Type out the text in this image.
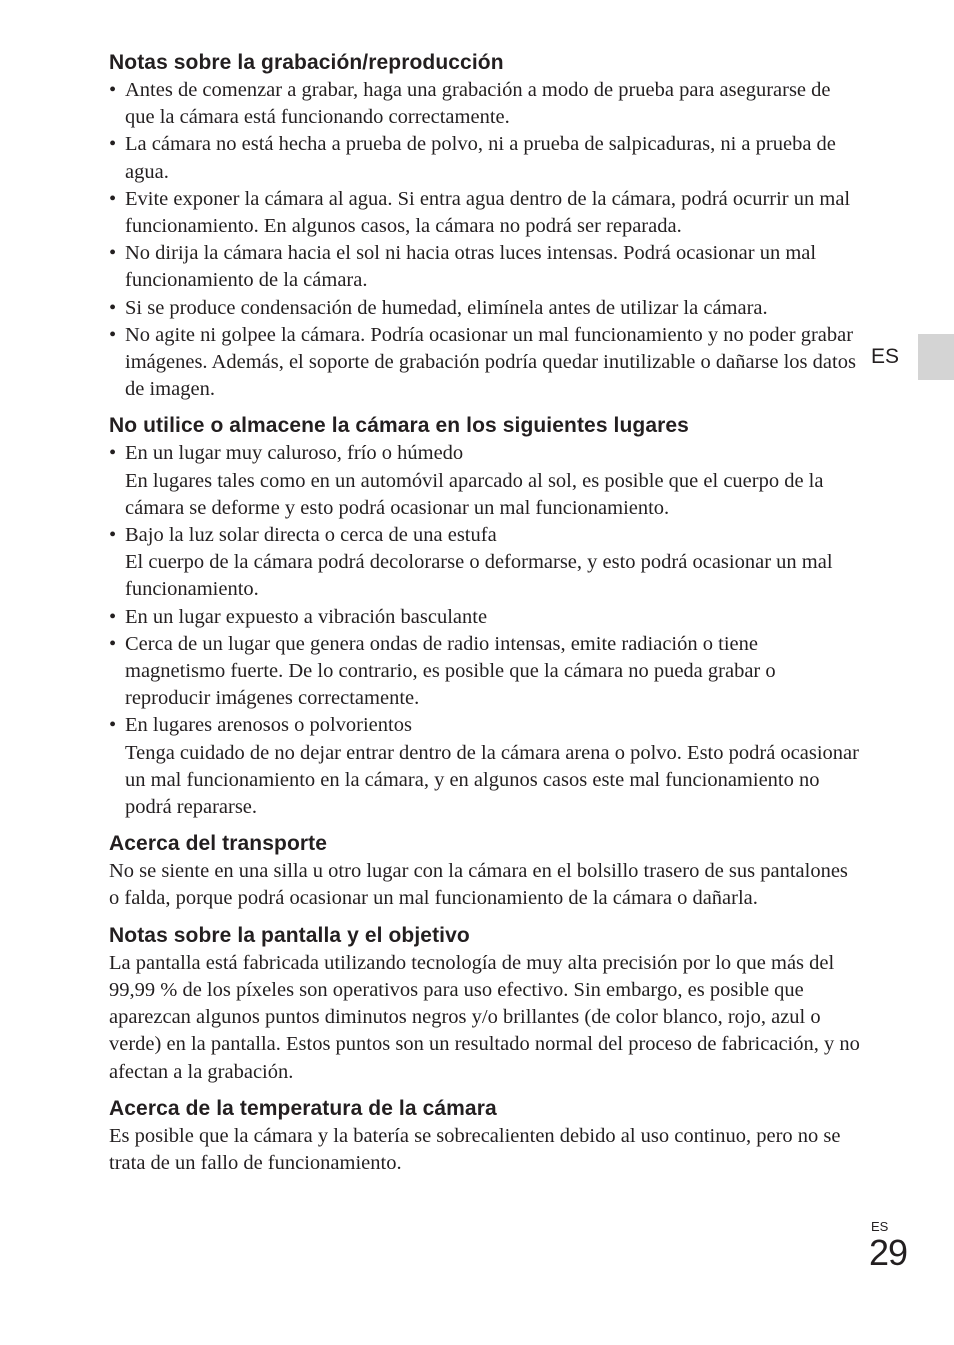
Notas sobre la grabación/reproducción
• Antes de comenzar a grabar, haga una grabación a modo de prueba para asegurarse de que la cámara está funcionando correctamente.
• La cámara no está hecha a prueba de polvo, ni a prueba de salpicaduras, ni a prueba de agua.
• Evite exponer la cámara al agua. Si entra agua dentro de la cámara, podrá ocurrir un mal funcionamiento. En algunos casos, la cámara no podrá ser reparada.
• No dirija la cámara hacia el sol ni hacia otras luces intensas. Podrá ocasionar un mal funcionamiento de la cámara.
• Si se produce condensación de humedad, elimínela antes de utilizar la cámara.
• No agite ni golpee la cámara. Podría ocasionar un mal funcionamiento y no poder grabar imágenes. Además, el soporte de grabación podría quedar inutilizable o dañarse los datos de imagen.
No utilice o almacene la cámara en los siguientes lugares
• En un lugar muy caluroso, frío o húmedo
En lugares tales como en un automóvil aparcado al sol, es posible que el cuerpo de la cámara se deforme y esto podrá ocasionar un mal funcionamiento.
• Bajo la luz solar directa o cerca de una estufa
El cuerpo de la cámara podrá decolorarse o deformarse, y esto podrá ocasionar un mal funcionamiento.
• En un lugar expuesto a vibración basculante
• Cerca de un lugar que genera ondas de radio intensas, emite radiación o tiene magnetismo fuerte. De lo contrario, es posible que la cámara no pueda grabar o reproducir imágenes correctamente.
• En lugares arenosos o polvorientos
Tenga cuidado de no dejar entrar dentro de la cámara arena o polvo. Esto podrá ocasionar un mal funcionamiento en la cámara, y en algunos casos este mal funcionamiento no podrá repararse.
Acerca del transporte

No se siente en una silla u otro lugar con la cámara en el bolsillo trasero de sus pantalones o falda, porque podrá ocasionar un mal funcionamiento de la cámara o dañarla.

Notas sobre la pantalla y el objetivo

La pantalla está fabricada utilizando tecnología de muy alta precisión por lo que más del 99,99 % de los píxeles son operativos para uso efectivo. Sin embargo, es posible que aparezcan algunos puntos diminutos negros y/o brillantes (de color blanco, rojo, azul o verde) en la pantalla. Estos puntos son un resultado normal del proceso de fabricación, y no afectan a la grabación.

Acerca de la temperatura de la cámara

Es posible que la cámara y la batería se sobrecalienten debido al uso continuo, pero no se trata de un fallo de funcionamiento.

ES
ES
29
